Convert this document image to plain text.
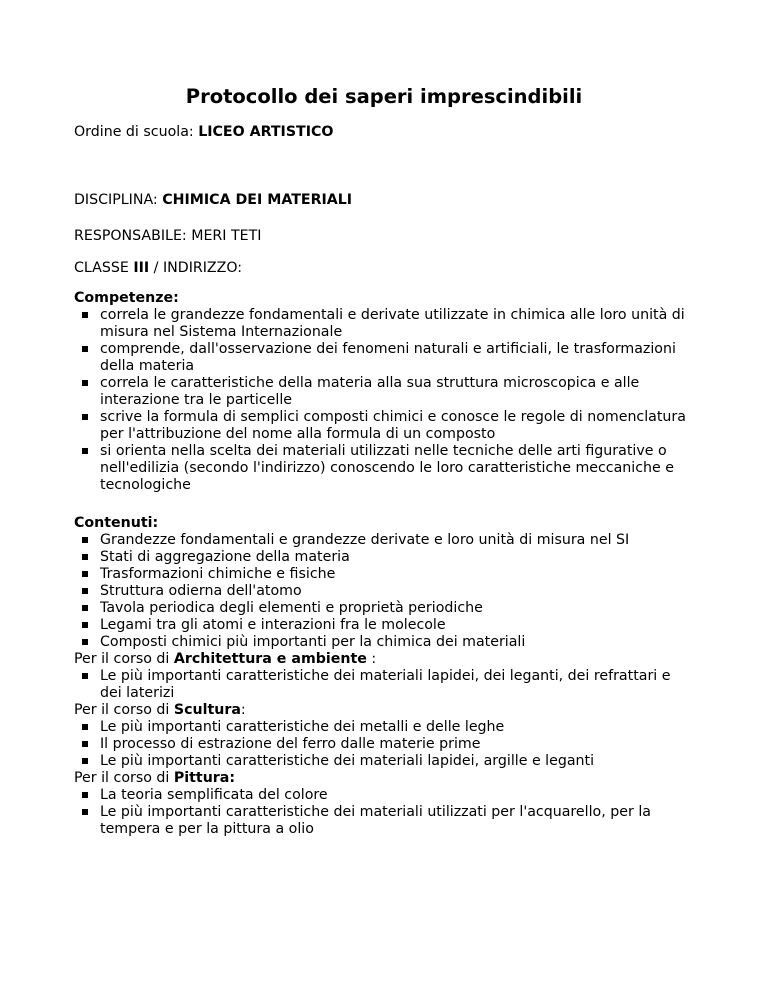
Protocollo dei saperi imprescindibili

Ordine di scuola: LICEO ARTISTICO

DISCIPLINA: CHIMICA DEI MATERIALI

RESPONSABILE: MERI TETI

CLASSE III / INDIRIZZO:

Competenze:

correla le grandezze fondamentali e derivate utilizzate in chimica alle loro unità di misura nel Sistema Internazionale
comprende, dall'osservazione dei fenomeni naturali e artificiali, le trasformazioni della materia
correla le caratteristiche della materia alla sua struttura microscopica e alle interazione tra le particelle
scrive la formula di semplici composti chimici e conosce le regole di nomenclatura per l'attribuzione del nome alla formula di un composto
si orienta nella scelta dei materiali utilizzati nelle tecniche delle arti figurative o nell'edilizia (secondo l'indirizzo) conoscendo le loro caratteristiche meccaniche e tecnologiche

Contenuti:

Grandezze fondamentali e grandezze derivate e loro unità di misura nel SI
Stati di aggregazione della materia
Trasformazioni chimiche e fisiche
Struttura odierna dell'atomo
Tavola periodica degli elementi e proprietà periodiche
Legami tra gli atomi e interazioni fra le molecole
Composti chimici più importanti per la chimica dei materiali

Per il corso di Architettura e ambiente :

Le più importanti caratteristiche dei materiali lapidei, dei leganti, dei refrattari e dei laterizi

Per il corso di Scultura:

Le più importanti caratteristiche dei metalli e delle leghe
Il processo di estrazione del ferro dalle materie prime
Le più importanti caratteristiche dei materiali lapidei, argille e leganti

Per il corso di Pittura:

La teoria semplificata del colore
Le più importanti caratteristiche dei materiali utilizzati per l'acquarello, per la tempera e per la pittura a olio
